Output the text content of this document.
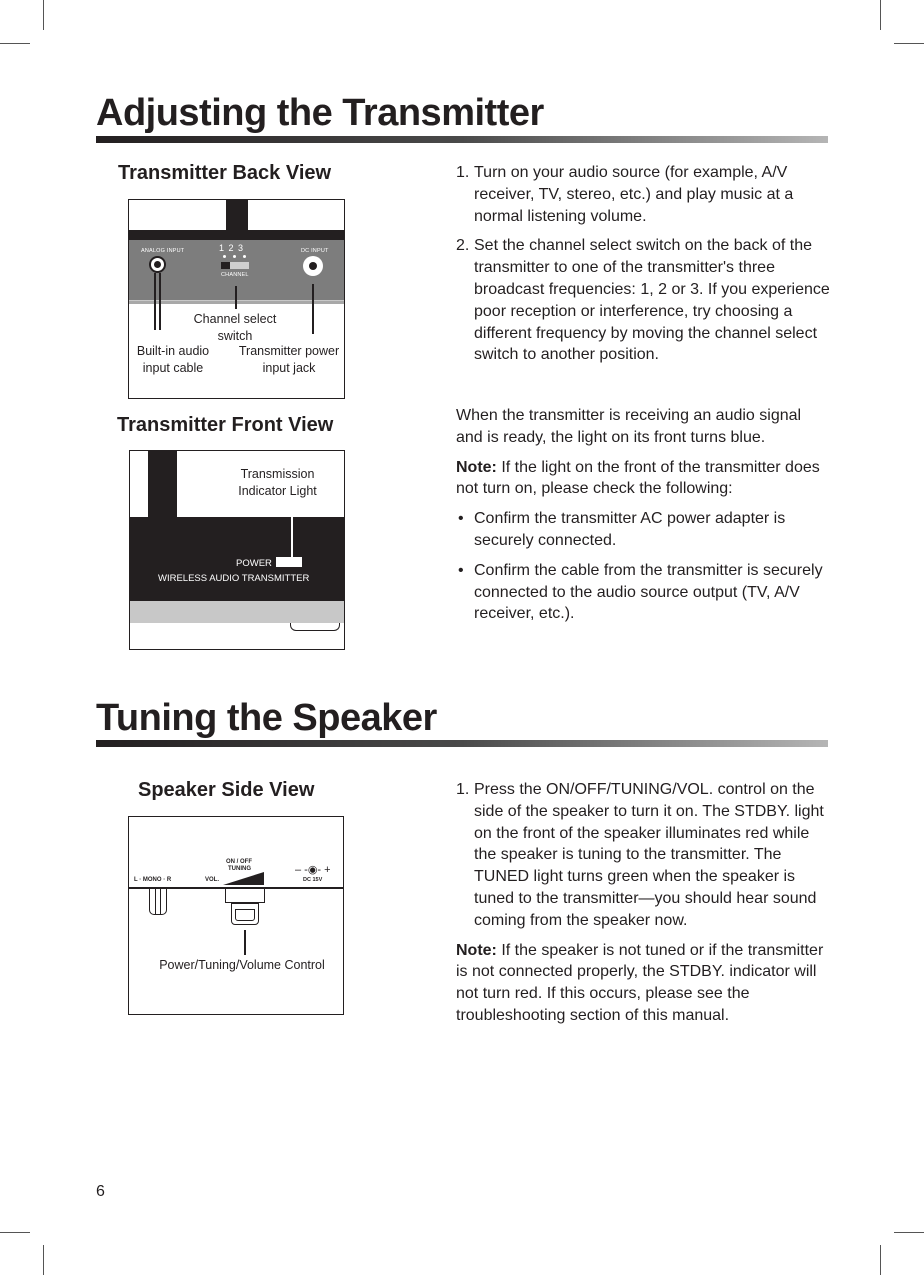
Adjusting the Transmitter
Transmitter Back View
ANALOG INPUT	1 2 3
CHANNEL
DC INPUT
Channel select switch
Built-in audio input cable
Transmitter power input jack
Transmitter Front View
Transmission Indicator Light
POWER
WIRELESS AUDIO TRANSMITTER
1. Turn on your audio source (for example, A/V receiver, TV, stereo, etc.) and play music at a normal listening volume.
2. Set the channel select switch on the back of the transmitter to one of the transmitter's three broadcast frequencies: 1, 2 or 3. If you experience poor reception or interference, try choosing a different frequency by moving the channel select switch to another position.

When the transmitter is receiving an audio signal and is ready, the light on its front turns blue.

Note: If the light on the front of the transmitter does not turn on, please check the following:

• Confirm the transmitter AC power adapter is securely connected.
• Confirm the cable from the transmitter is securely connected to the audio source output (TV, A/V receiver, etc.).
Tuning the Speaker
Speaker Side View
ON / OFF
TUNING
L · MONO · R	VOL.
– -◉- +
DC 15V
Power/Tuning/Volume Control
1. Press the ON/OFF/TUNING/VOL. control on the side of the speaker to turn it on. The STDBY. light on the front of the speaker illuminates red while the speaker is tuning to the transmitter. The TUNED light turns green when the speaker is tuned to the transmitter—you should hear sound coming from the speaker now.

Note: If the speaker is not tuned or if the transmitter is not connected properly, the STDBY. indicator will not turn red. If this occurs, please see the troubleshooting section of this manual.

6
